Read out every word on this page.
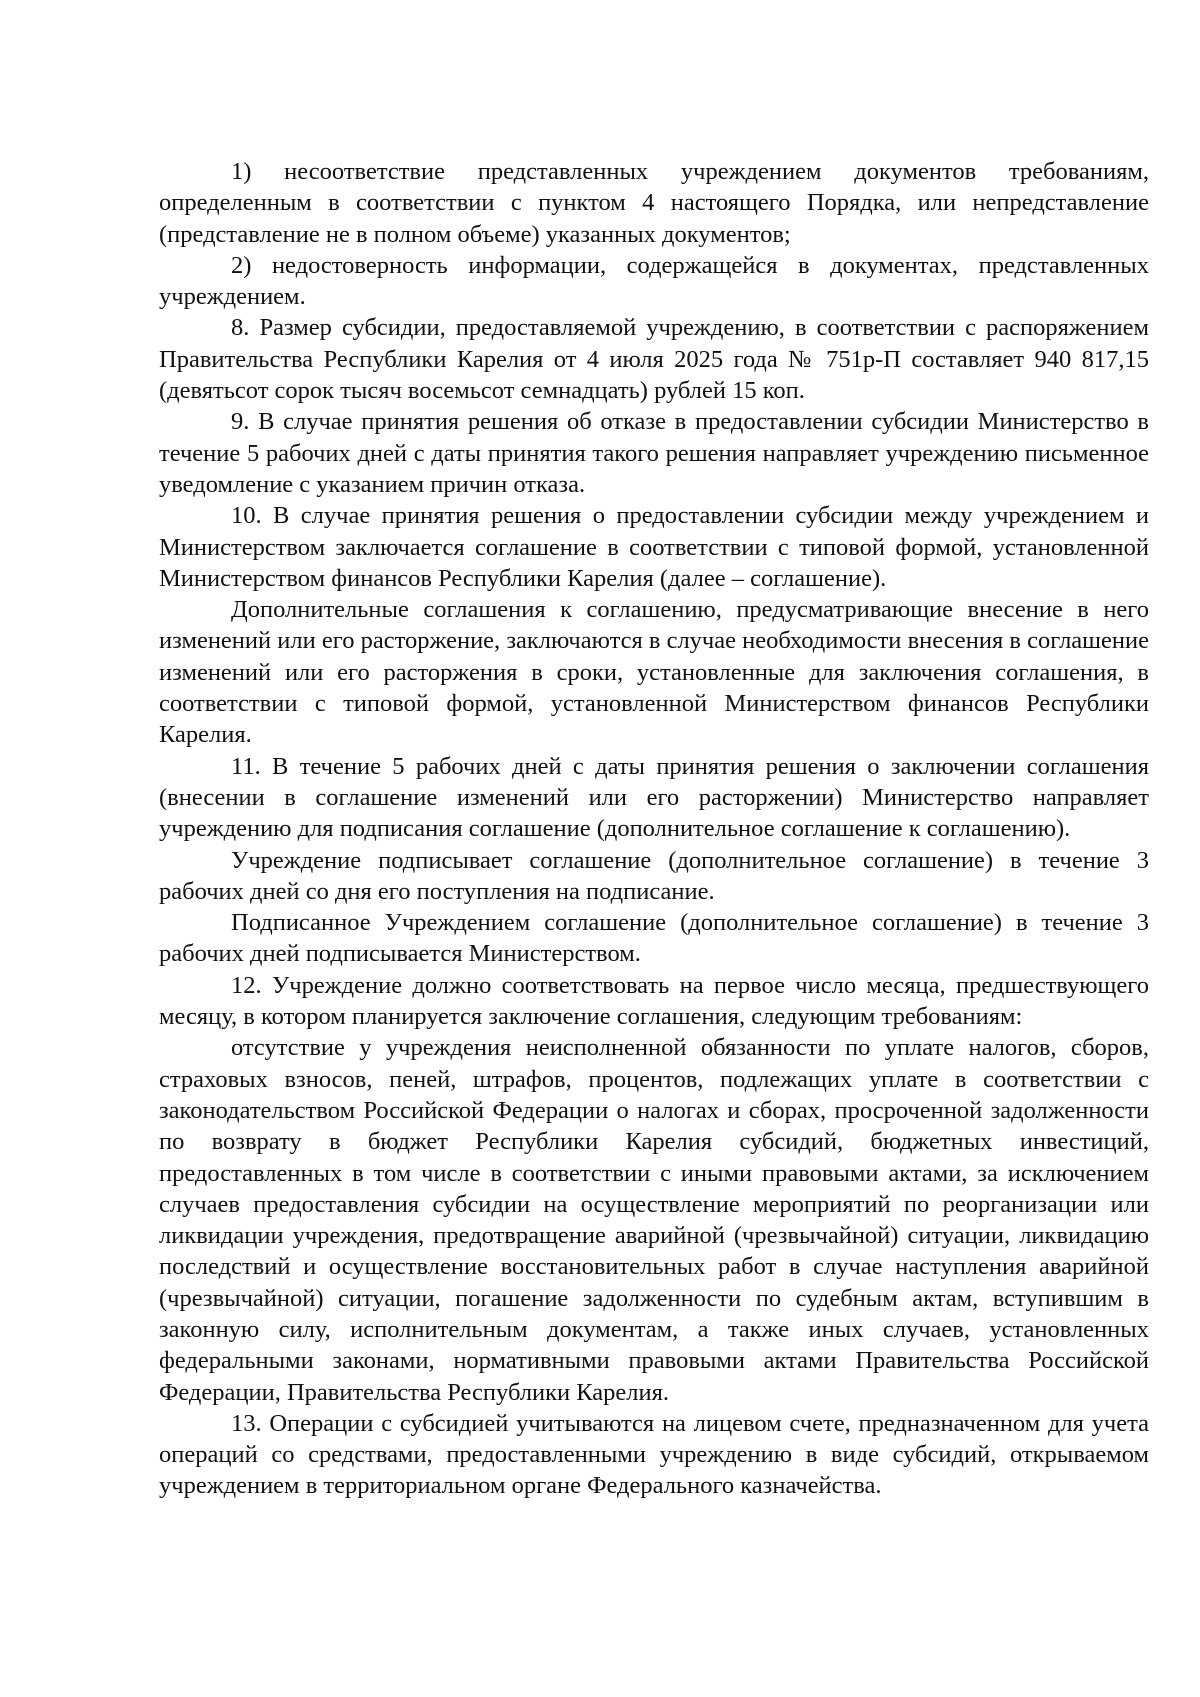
1) несоответствие представленных учреждением документов требованиям, определенным в соответствии с пунктом 4 настоящего Порядка, или непредставление (представление не в полном объеме) указанных документов;

2) недостоверность информации, содержащейся в документах, представленных учреждением.

8. Размер субсидии, предоставляемой учреждению, в соответствии с распоряжением Правительства Республики Карелия от 4 июля 2025 года № 751р-П составляет 940 817,15 (девятьсот сорок тысяч восемьсот семнадцать) рублей 15 коп.

9. В случае принятия решения об отказе в предоставлении субсидии Министерство в течение 5 рабочих дней с даты принятия такого решения направляет учреждению письменное уведомление с указанием причин отказа.

10. В случае принятия решения о предоставлении субсидии между учреждением и Министерством заключается соглашение в соответствии с типовой формой, установленной Министерством финансов Республики Карелия (далее – соглашение).

Дополнительные соглашения к соглашению, предусматривающие внесение в него изменений или его расторжение, заключаются в случае необходимости внесения в соглашение изменений или его расторжения в сроки, установленные для заключения соглашения, в соответствии с типовой формой, установленной Министерством финансов Республики Карелия.

11. В течение 5 рабочих дней с даты принятия решения о заключении соглашения (внесении в соглашение изменений или его расторжении) Министерство направляет учреждению для подписания соглашение (дополнительное соглашение к соглашению).

Учреждение подписывает соглашение (дополнительное соглашение) в течение 3 рабочих дней со дня его поступления на подписание.

Подписанное Учреждением соглашение (дополнительное соглашение) в течение 3 рабочих дней подписывается Министерством.

12. Учреждение должно соответствовать на первое число месяца, предшествующего месяцу, в котором планируется заключение соглашения, следующим требованиям:

отсутствие у учреждения неисполненной обязанности по уплате налогов, сборов, страховых взносов, пеней, штрафов, процентов, подлежащих уплате в соответствии с законодательством Российской Федерации о налогах и сборах, просроченной задолженности по возврату в бюджет Республики Карелия субсидий, бюджетных инвестиций, предоставленных в том числе в соответствии с иными правовыми актами, за исключением случаев предоставления субсидии на осуществление мероприятий по реорганизации или ликвидации учреждения, предотвращение аварийной (чрезвычайной) ситуации, ликвидацию последствий и осуществление восстановительных работ в случае наступления аварийной (чрезвычайной) ситуации, погашение задолженности по судебным актам, вступившим в законную силу, исполнительным документам, а также иных случаев, установленных федеральными законами, нормативными правовыми актами Правительства Российской Федерации, Правительства Республики Карелия.

13. Операции с субсидией учитываются на лицевом счете, предназначенном для учета операций со средствами, предоставленными учреждению в виде субсидий, открываемом учреждением в территориальном органе Федерального казначейства.
